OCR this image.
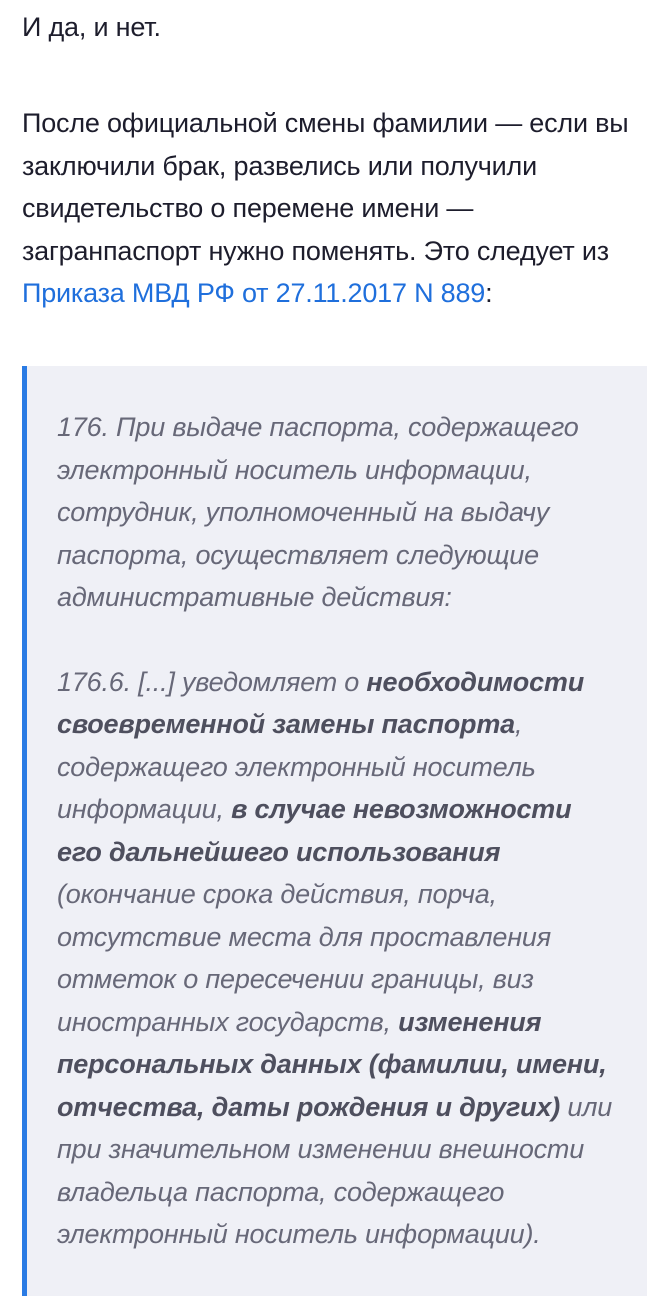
И да, и нет.

После официальной смены фамилии — если вы заключили брак, развелись или получили свидетельство о перемене имени — загранпаспорт нужно поменять. Это следует из Приказа МВД РФ от 27.11.2017 N 889:

176. При выдаче паспорта, содержащего электронный носитель информации, сотрудник, уполномоченный на выдачу паспорта, осуществляет следующие административные действия:

176.6. [...] уведомляет о необходимости своевременной замены паспорта, содержащего электронный носитель информации, в случае невозможности его дальнейшего использования (окончание срока действия, порча, отсутствие места для проставления отметок о пересечении границы, виз иностранных государств, изменения персональных данных (фамилии, имени, отчества, даты рождения и других) или при значительном изменении внешности владельца паспорта, содержащего электронный носитель информации).
